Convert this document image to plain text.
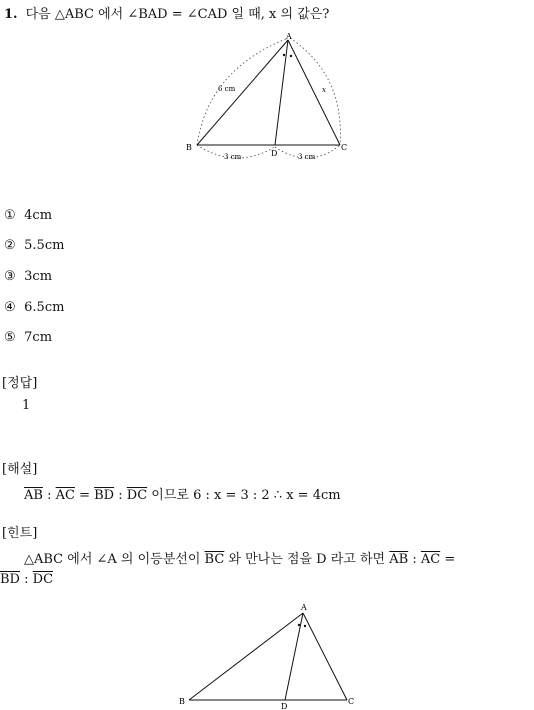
1. 다음 △ABC 에서 ∠BAD = ∠CAD 일 때, x 의 값은?
A
B	C
D
6 cm	x
3 cm	3 cm
① 4cm
② 5.5cm
③ 3cm
④ 6.5cm
⑤ 7cm
[정답]
1
[해설]
$\overline{AB}$ : $\overline{AC} = \overline{BD}$ : $\overline{DC}$ 이므로 6 : x = 3 : 2 ∴ x = 4cm
[힌트]
△ABC 에서 ∠A 의 이등분선이 $\overline{BC}$ 와 만나는 점을 D 라고 하면 $\overline{AB}$ : $\overline{AC}$ =
$\overline{BD}$ : $\overline{DC}$
A
B	C
D
